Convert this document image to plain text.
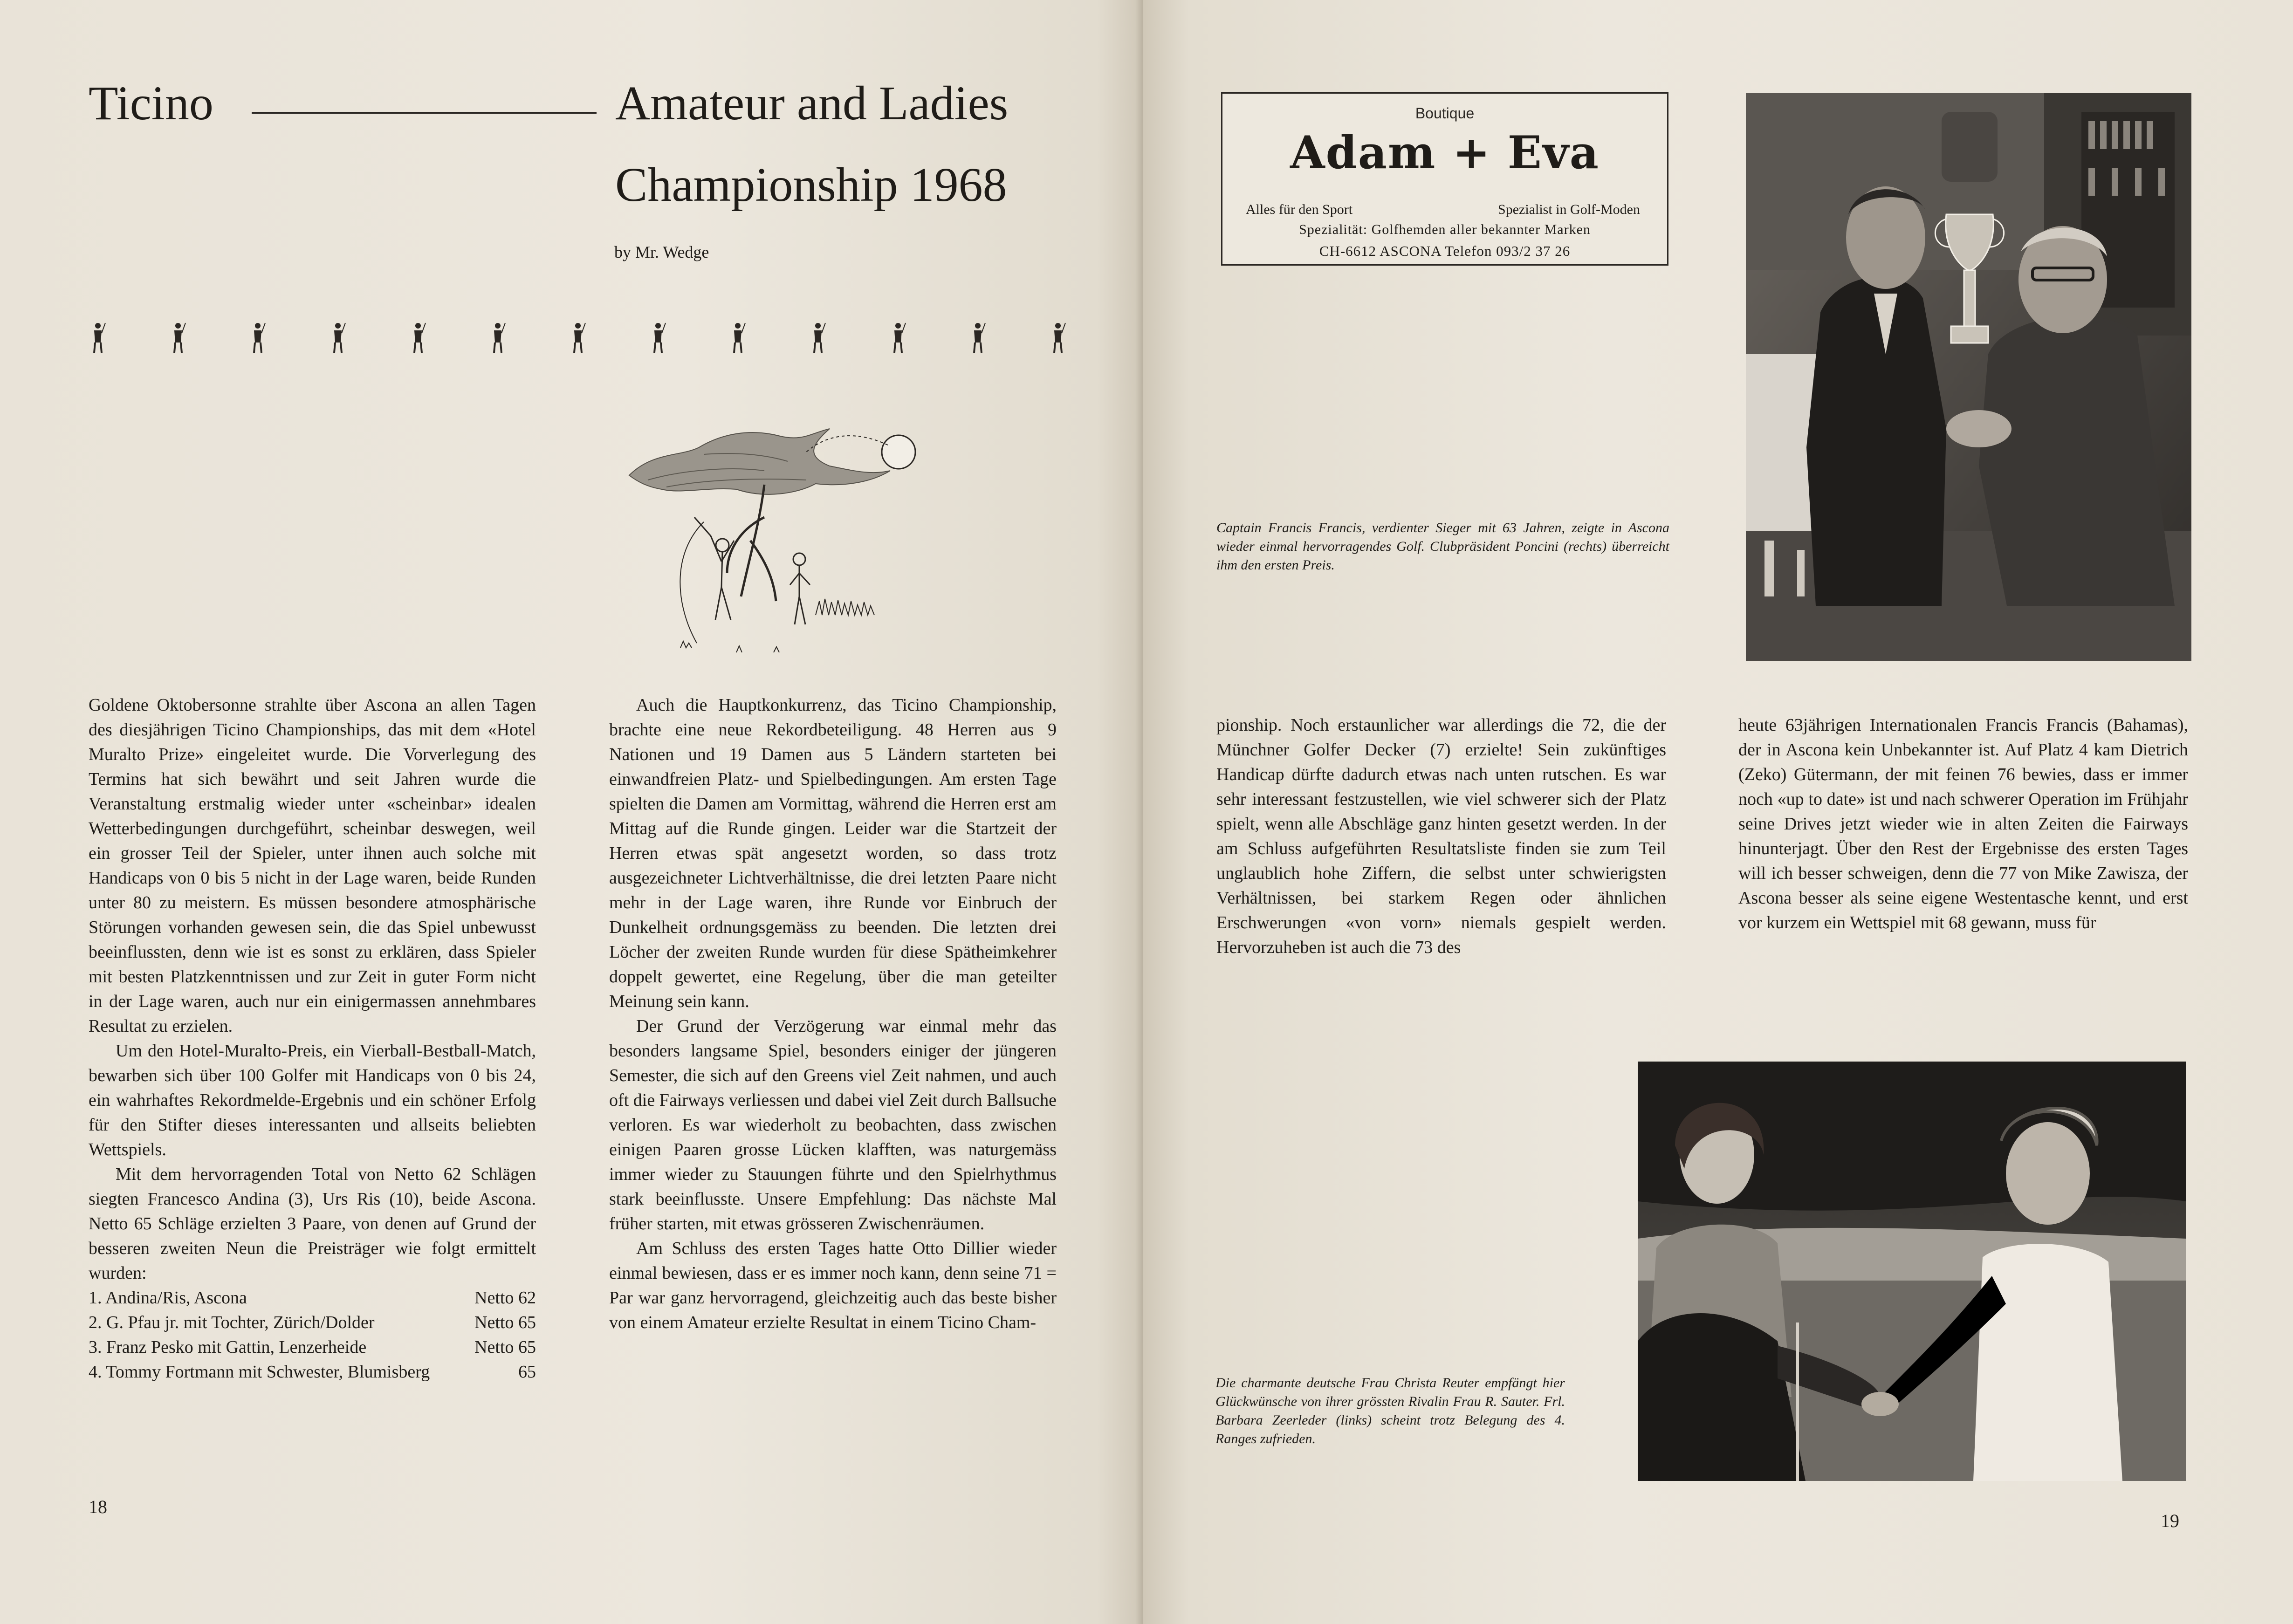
Ticino	Amateur and Ladies
Championship 1968
by Mr. Wedge

Goldene Oktobersonne strahlte über Ascona an allen Tagen des diesjährigen Ticino Championships, das mit dem «Hotel Muralto Prize» eingeleitet wurde. Die Vorverlegung des Termins hat sich bewährt und seit Jahren wurde die Veranstaltung erstmalig wieder unter «scheinbar» idealen Wetterbedingungen durchgeführt, scheinbar deswegen, weil ein grosser Teil der Spieler, unter ihnen auch solche mit Handicaps von 0 bis 5 nicht in der Lage waren, beide Runden unter 80 zu meistern. Es müssen besondere atmosphärische Störungen vorhanden gewesen sein, die das Spiel unbewusst beeinflussten, denn wie ist es sonst zu erklären, dass Spieler mit besten Platzkenntnissen und zur Zeit in guter Form nicht in der Lage waren, auch nur ein einigermassen annehmbares Resultat zu erzielen.

Um den Hotel-Muralto-Preis, ein Vierball-Bestball-Match, bewarben sich über 100 Golfer mit Handicaps von 0 bis 24, ein wahrhaftes Rekordmelde-Ergebnis und ein schöner Erfolg für den Stifter dieses interessanten und allseits beliebten Wettspiels.

Mit dem hervorragenden Total von Netto 62 Schlägen siegten Francesco Andina (3), Urs Ris (10), beide Ascona. Netto 65 Schläge erzielten 3 Paare, von denen auf Grund der besseren zweiten Neun die Preisträger wie folgt ermittelt wurden:

1. Andina/Ris, Ascona	Netto 62
2. G. Pfau jr. mit Tochter, Zürich/Dolder	Netto 65
3. Franz Pesko mit Gattin, Lenzerheide	Netto 65
4. Tommy Fortmann mit Schwester, Blumisberg	65

Auch die Hauptkonkurrenz, das Ticino Championship, brachte eine neue Rekordbeteiligung. 48 Herren aus 9 Nationen und 19 Damen aus 5 Ländern starteten bei einwandfreien Platz- und Spielbedingungen. Am ersten Tage spielten die Damen am Vormittag, während die Herren erst am Mittag auf die Runde gingen. Leider war die Startzeit der Herren etwas spät angesetzt worden, so dass trotz ausgezeichneter Lichtverhältnisse, die drei letzten Paare nicht mehr in der Lage waren, ihre Runde vor Einbruch der Dunkelheit ordnungsgemäss zu beenden. Die letzten drei Löcher der zweiten Runde wurden für diese Spätheimkehrer doppelt gewertet, eine Regelung, über die man geteilter Meinung sein kann.

Der Grund der Verzögerung war einmal mehr das besonders langsame Spiel, besonders einiger der jüngeren Semester, die sich auf den Greens viel Zeit nahmen, und auch oft die Fairways verliessen und dabei viel Zeit durch Ballsuche verloren. Es war wiederholt zu beobachten, dass zwischen einigen Paaren grosse Lücken klafften, was naturgemäss immer wieder zu Stauungen führte und den Spielrhythmus stark beeinflusste. Unsere Empfehlung: Das nächste Mal früher starten, mit etwas grösseren Zwischenräumen.

Am Schluss des ersten Tages hatte Otto Dillier wieder einmal bewiesen, dass er es immer noch kann, denn seine 71 = Par war ganz hervorragend, gleichzeitig auch das beste bisher von einem Amateur erzielte Resultat in einem Ticino Cham-

18
Boutique
Adam + Eva
Alles für den Sport	Spezialist in Golf-Moden
Spezialität: Golfhemden aller bekannter Marken
CH-6612 ASCONA Telefon 093/2 37 26
Captain Francis Francis, verdienter Sieger mit 63 Jahren, zeigte in Ascona wieder einmal hervorragendes Golf. Clubpräsident Poncini (rechts) überreicht ihm den ersten Preis.

pionship. Noch erstaunlicher war allerdings die 72, die der Münchner Golfer Decker (7) erzielte! Sein zukünftiges Handicap dürfte dadurch etwas nach unten rutschen. Es war sehr interessant festzustellen, wie viel schwerer sich der Platz spielt, wenn alle Abschläge ganz hinten gesetzt werden. In der am Schluss aufgeführten Resultatsliste finden sie zum Teil unglaublich hohe Ziffern, die selbst unter schwierigsten Verhältnissen, bei starkem Regen oder ähnlichen Erschwerungen «von vorn» niemals gespielt werden. Hervorzuheben ist auch die 73 des

heute 63jährigen Internationalen Francis Francis (Bahamas), der in Ascona kein Unbekannter ist. Auf Platz 4 kam Dietrich (Zeko) Gütermann, der mit feinen 76 bewies, dass er immer noch «up to date» ist und nach schwerer Operation im Frühjahr seine Drives jetzt wieder wie in alten Zeiten die Fairways hinunterjagt. Über den Rest der Ergebnisse des ersten Tages will ich besser schweigen, denn die 77 von Mike Zawisza, der Ascona besser als seine eigene Westentasche kennt, und erst vor kurzem ein Wettspiel mit 68 gewann, muss für

Die charmante deutsche Frau Christa Reuter empfängt hier Glückwünsche von ihrer grössten Rivalin Frau R. Sauter. Frl. Barbara Zeerleder (links) scheint trotz Belegung des 4. Ranges zufrieden.
19
